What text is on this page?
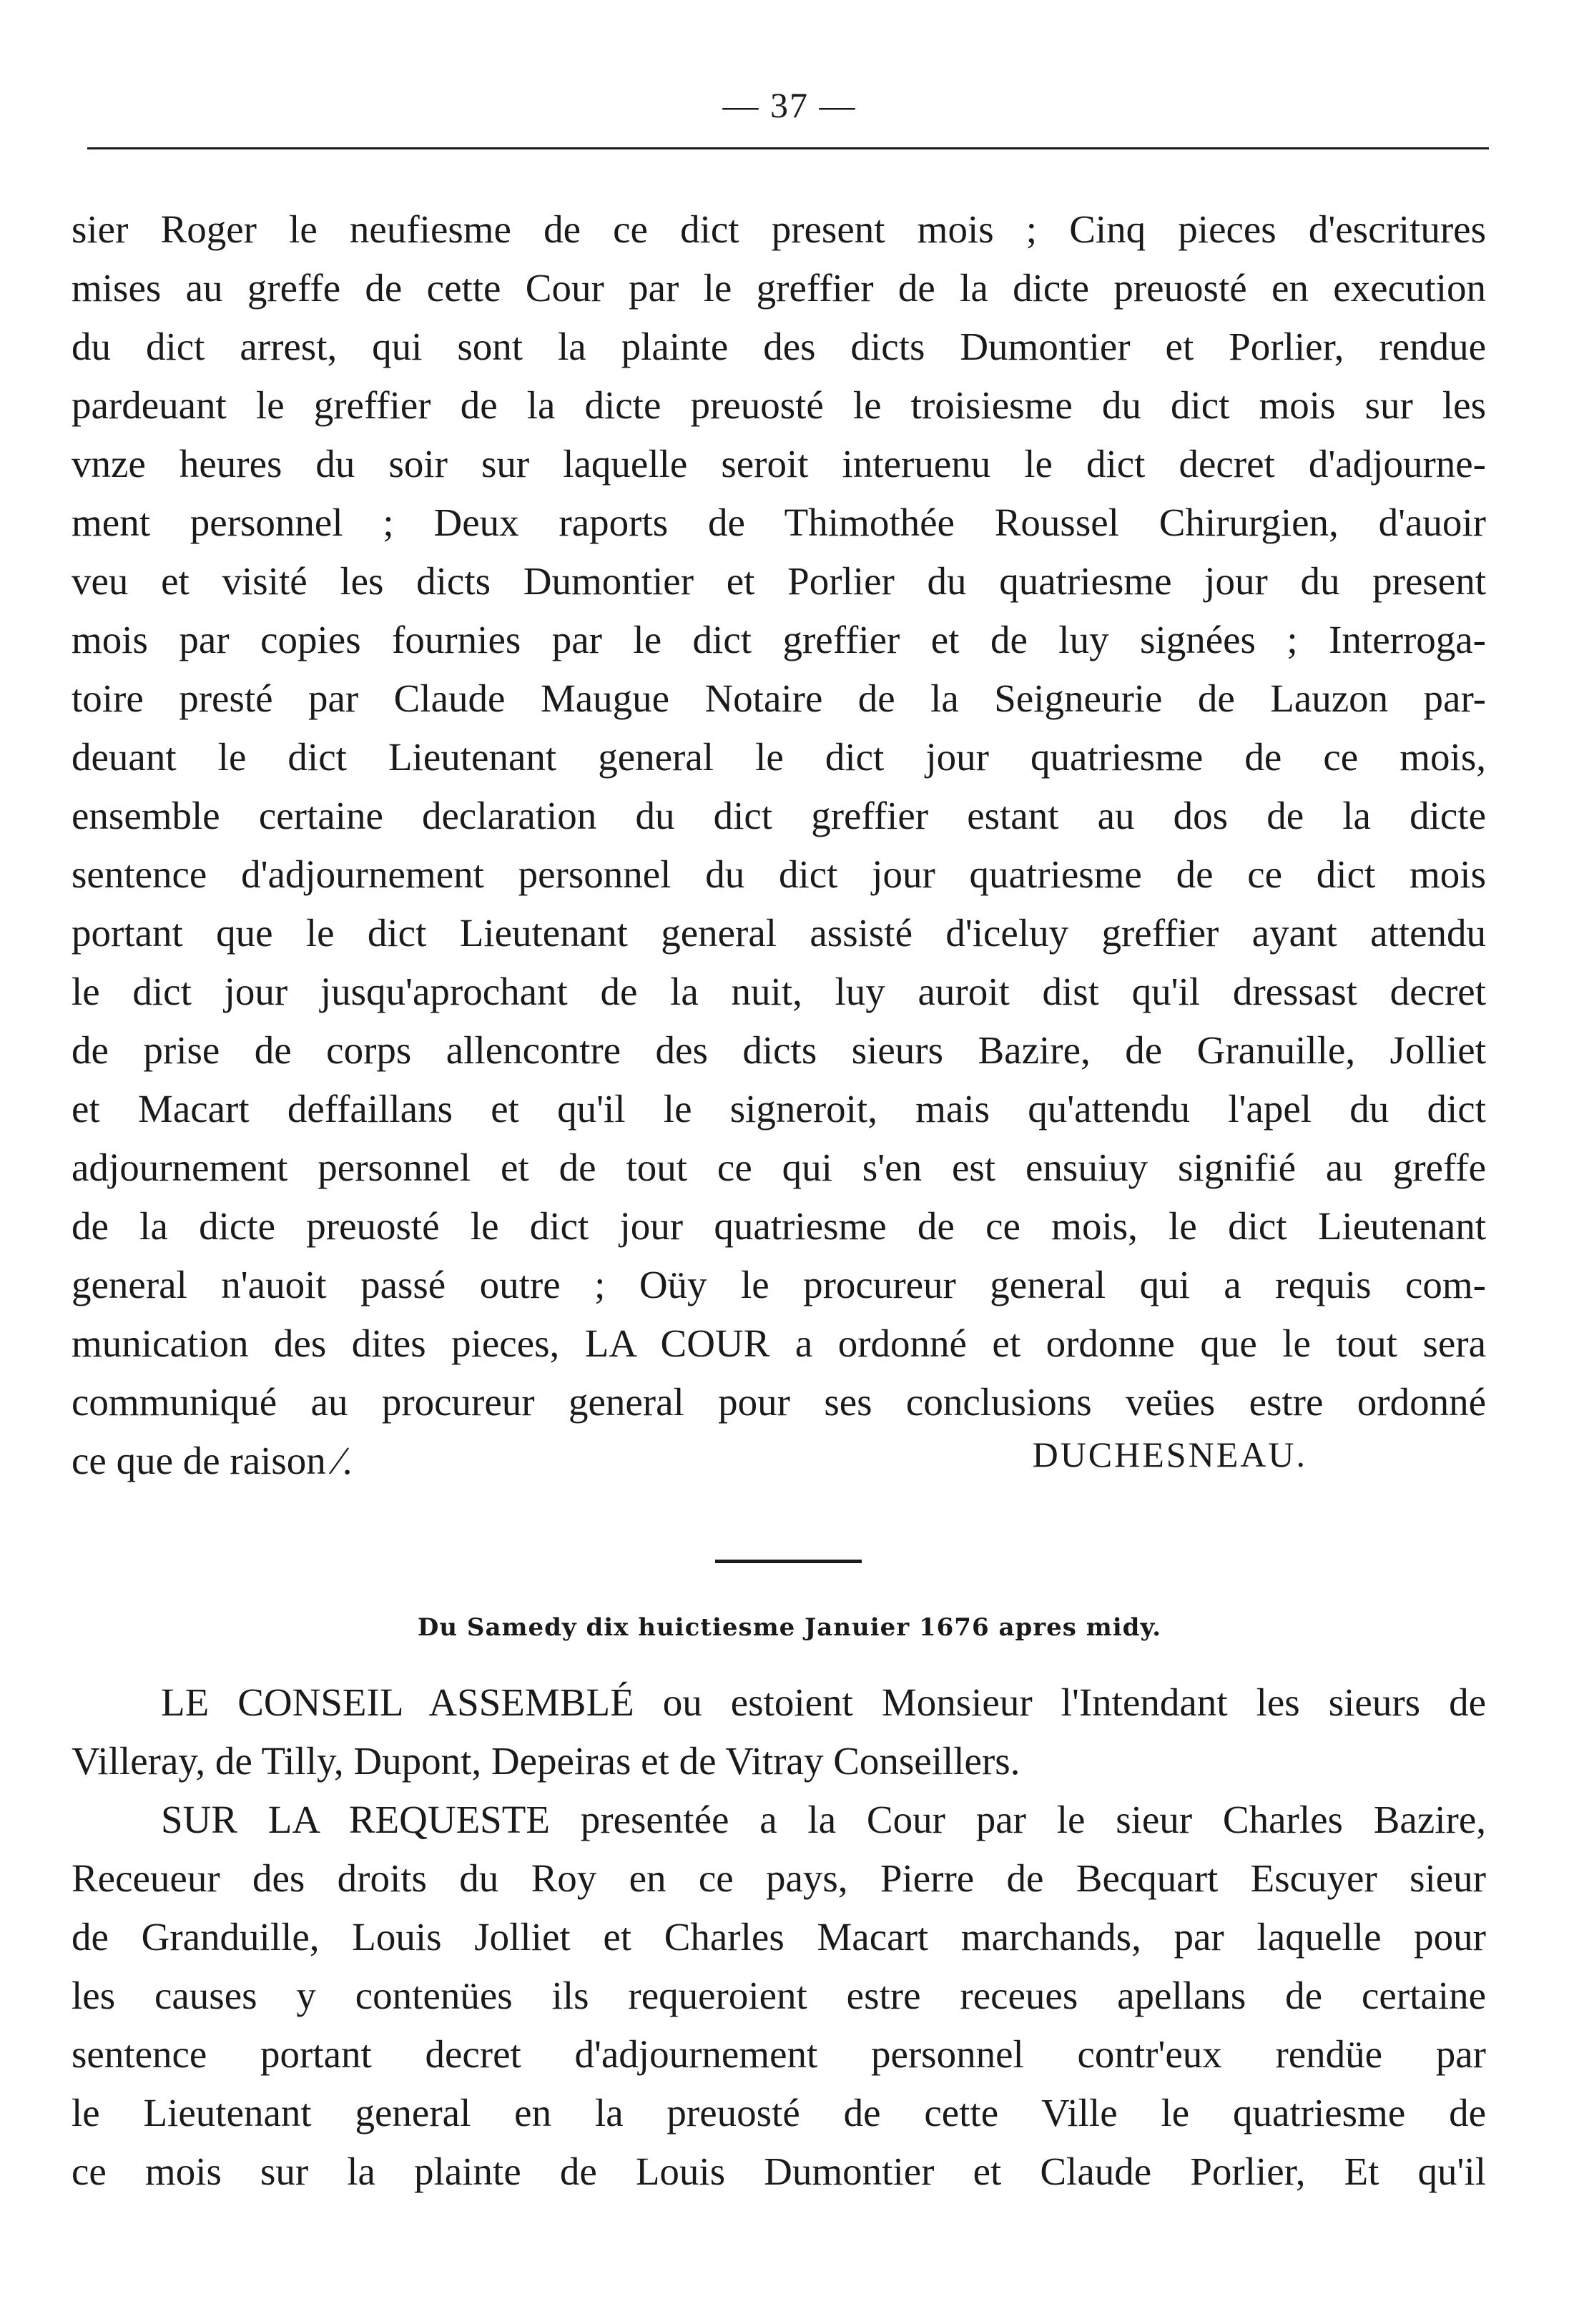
— 37 —
sier Roger le neufiesme de ce dict present mois ; Cinq pieces d'escritures
mises au greffe de cette Cour par le greffier de la dicte preuosté en execution
du dict arrest, qui sont la plainte des dicts Dumontier et Porlier, rendue
pardeuant le greffier de la dicte preuosté le troisiesme du dict mois sur les
vnze heures du soir sur laquelle seroit interuenu le dict decret d'adjourne-
ment personnel ; Deux raports de Thimothée Roussel Chirurgien, d'auoir
veu et visité les dicts Dumontier et Porlier du quatriesme jour du present
mois par copies fournies par le dict greffier et de luy signées ; Interroga-
toire presté par Claude Maugue Notaire de la Seigneurie de Lauzon par-
deuant le dict Lieutenant general le dict jour quatriesme de ce mois,
ensemble certaine declaration du dict greffier estant au dos de la dicte
sentence d'adjournement personnel du dict jour quatriesme de ce dict mois
portant que le dict Lieutenant general assisté d'iceluy greffier ayant attendu
le dict jour jusqu'aprochant de la nuit, luy auroit dist qu'il dressast decret
de prise de corps allencontre des dicts sieurs Bazire, de Granuille, Jolliet
et Macart deffaillans et qu'il le signeroit, mais qu'attendu l'apel du dict
adjournement personnel et de tout ce qui s'en est ensuiuy signifié au greffe
de la dicte preuosté le dict jour quatriesme de ce mois, le dict Lieutenant
general n'auoit passé outre ; Oüy le procureur general qui a requis com-
munication des dites pieces, LA COUR a ordonné et ordonne que le tout sera
communiqué au procureur general pour ses conclusions veües estre ordonné
ce que de raison ⁄.	DUCHESNEAU.
Du Samedy dix huictiesme Januier 1676 apres midy.
LE CONSEIL ASSEMBLÉ ou estoient Monsieur l'Intendant les sieurs de
Villeray, de Tilly, Dupont, Depeiras et de Vitray Conseillers.
SUR LA REQUESTE presentée a la Cour par le sieur Charles Bazire,
Receueur des droits du Roy en ce pays, Pierre de Becquart Escuyer sieur
de Granduille, Louis Jolliet et Charles Macart marchands, par laquelle pour
les causes y contenües ils requeroient estre receues apellans de certaine
sentence portant decret d'adjournement personnel contr'eux rendüe par
le Lieutenant general en la preuosté de cette Ville le quatriesme de
ce mois sur la plainte de Louis Dumontier et Claude Porlier, Et qu'il
